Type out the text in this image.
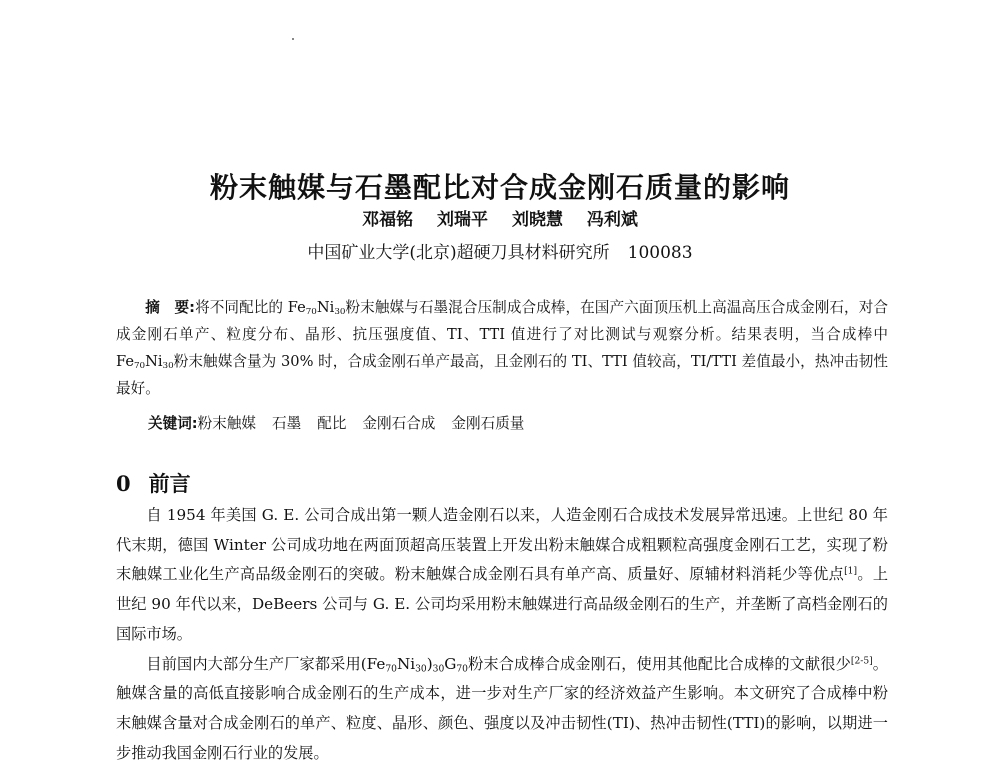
粉末触媒与石墨配比对合成金刚石质量的影响
邓福铭 刘瑞平 刘晓慧 冯利斌
中国矿业大学(北京)超硬刀具材料研究所 100083
摘　要:将不同配比的 $Fe_{70}Ni_{30}$粉末触媒与石墨混合压制成合成棒，在国产六面顶压机上高温高压合成金刚石，对合成金刚石单产、粒度分布、晶形、抗压强度值、TI、TTI 值进行了对比测试与观察分析。结果表明，当合成棒中 $Fe_{70}Ni_{30}$粉末触媒含量为 30% 时，合成金刚石单产最高，且金刚石的 TI、TTI 值较高，TI/TTI 差值最小，热冲击韧性最好。
关键词:粉末触媒 石墨 配比 金刚石合成 金刚石质量
0 前言

自 1954 年美国 G. E. 公司合成出第一颗人造金刚石以来，人造金刚石合成技术发展异常迅速。上世纪 80 年代末期，德国 Winter 公司成功地在两面顶超高压装置上开发出粉末触媒合成粗颗粒高强度金刚石工艺，实现了粉末触媒工业化生产高品级金刚石的突破。粉末触媒合成金刚石具有单产高、质量好、原辅材料消耗少等优点[1]。上世纪 90 年代以来，DeBeers 公司与 G. E. 公司均采用粉末触媒进行高品级金刚石的生产，并垄断了高档金刚石的国际市场。

目前国内大部分生产厂家都采用$(Fe_{70}Ni_{30})_{30}G_{70}$粉末合成棒合成金刚石，使用其他配比合成棒的文献很少[2-5]。触媒含量的高低直接影响合成金刚石的生产成本，进一步对生产厂家的经济效益产生影响。本文研究了合成棒中粉末触媒含量对合成金刚石的单产、粒度、晶形、颜色、强度以及冲击韧性(TI)、热冲击韧性(TTI)的影响，以期进一步推动我国金刚石行业的发展。
